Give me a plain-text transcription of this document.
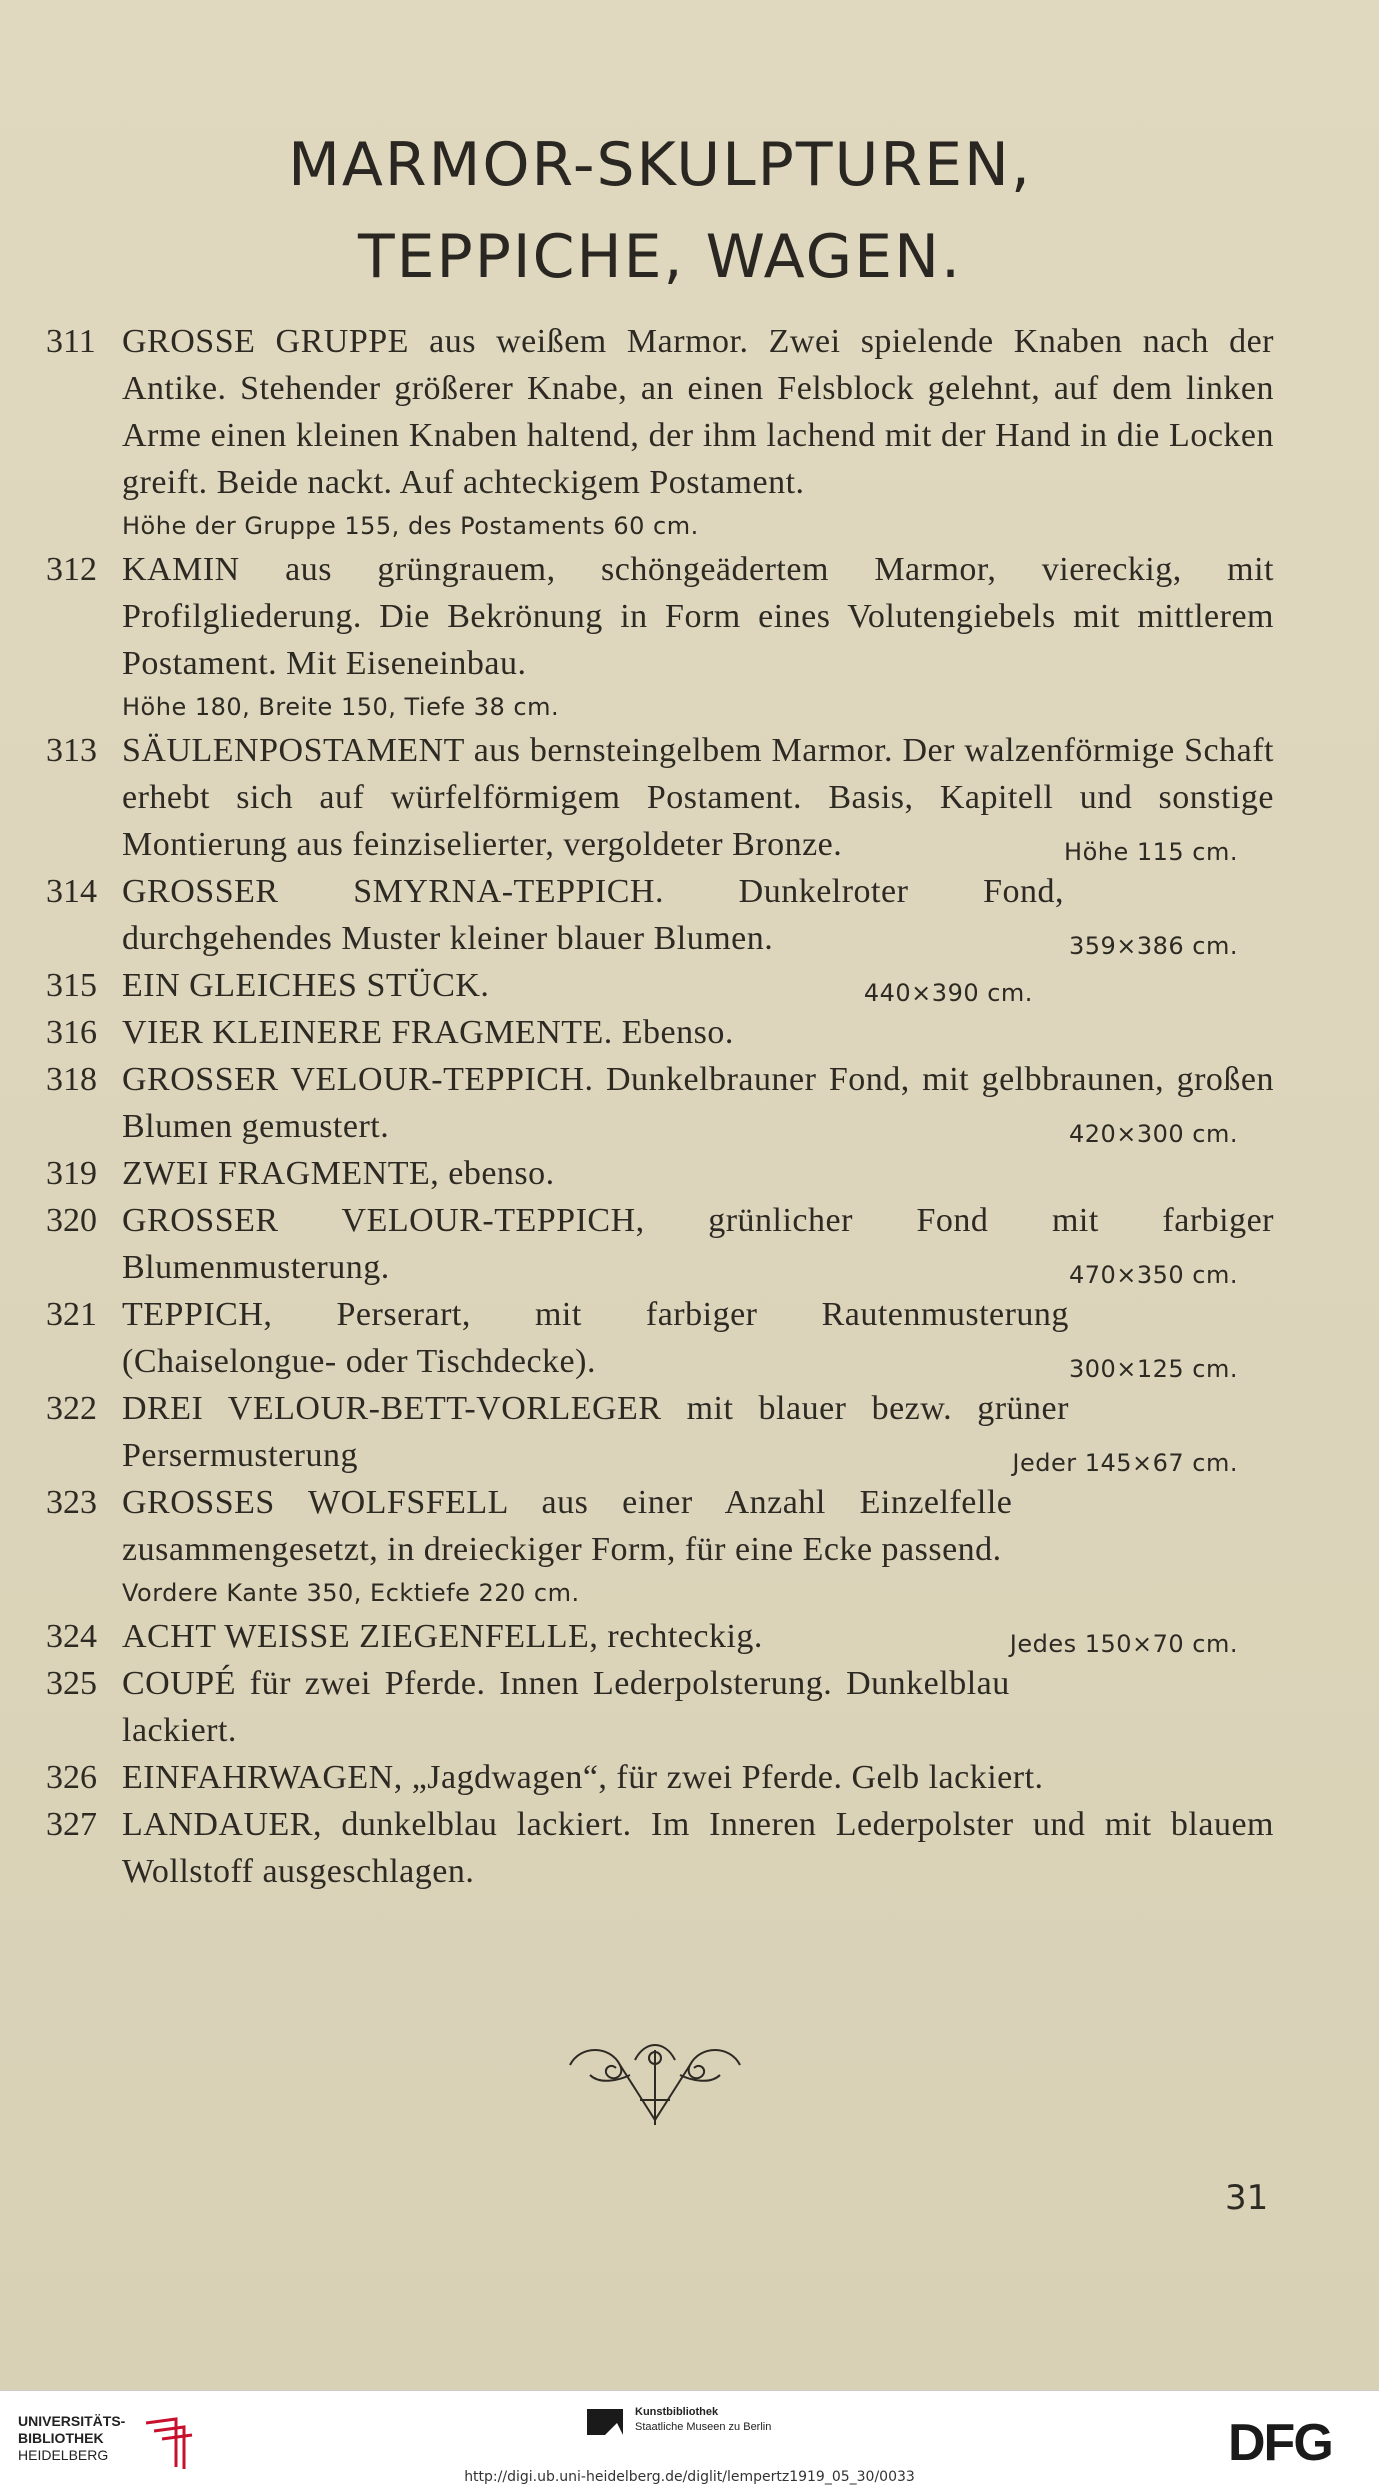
MARMOR-SKULPTUREN,
TEPPICHE, WAGEN.
311 GROSSE GRUPPE aus weißem Marmor. Zwei spielende Knaben nach der Antike. Stehender größerer Knabe, an einen Felsblock gelehnt, auf dem linken Arme einen kleinen Knaben haltend, der ihm lachend mit der Hand in die Locken greift. Beide nackt. Auf achteckigem Postament.
Höhe der Gruppe 155, des Postaments 60 cm.
312 KAMIN aus grüngrauem, schöngeädertem Marmor, viereckig, mit Profilgliederung. Die Bekrönung in Form eines Volutengiebels mit mittlerem Postament. Mit Eiseneinbau.
Höhe 180, Breite 150, Tiefe 38 cm.
313 SÄULENPOSTAMENT aus bernsteingelbem Marmor. Der walzenförmige Schaft erhebt sich auf würfelförmigem Postament. Basis, Kapitell und sonstige Montierung aus feinziselierter, vergoldeter Bronze.	Höhe 115 cm.
314 GROSSER SMYRNA-TEPPICH. Dunkelroter Fond, durchgehendes Muster kleiner blauer Blumen.	359×386 cm.
315 EIN GLEICHES STÜCK.	440×390 cm.
316 VIER KLEINERE FRAGMENTE. Ebenso.
318 GROSSER VELOUR-TEPPICH. Dunkelbrauner Fond, mit gelbbraunen, großen Blumen gemustert.	420×300 cm.
319 ZWEI FRAGMENTE, ebenso.
320 GROSSER VELOUR-TEPPICH, grünlicher Fond mit farbiger Blumenmusterung.	470×350 cm.
321 TEPPICH, Perserart, mit farbiger Rautenmusterung (Chaiselongue- oder Tischdecke).	300×125 cm.
322 DREI VELOUR-BETT-VORLEGER mit blauer bezw. grüner Persermusterung	Jeder 145×67 cm.
323 GROSSES WOLFSFELL aus einer Anzahl Einzelfelle zusammengesetzt, in dreieckiger Form, für eine Ecke passend.
Vordere Kante 350, Ecktiefe 220 cm.
324 ACHT WEISSE ZIEGENFELLE, rechteckig.	Jedes 150×70 cm.
325 COUPÉ für zwei Pferde. Innen Lederpolsterung. Dunkelblau lackiert.
326 EINFAHRWAGEN, „Jagdwagen“, für zwei Pferde. Gelb lackiert.
327 LANDAUER, dunkelblau lackiert. Im Inneren Lederpolster und mit blauem Wollstoff ausgeschlagen.
31
UNIVERSITÄTS-
BIBLIOTHEK
HEIDELBERG
Kunstbibliothek
Staatliche Museen zu Berlin	DFG
http://digi.ub.uni-heidelberg.de/diglit/lempertz1919_05_30/0033
